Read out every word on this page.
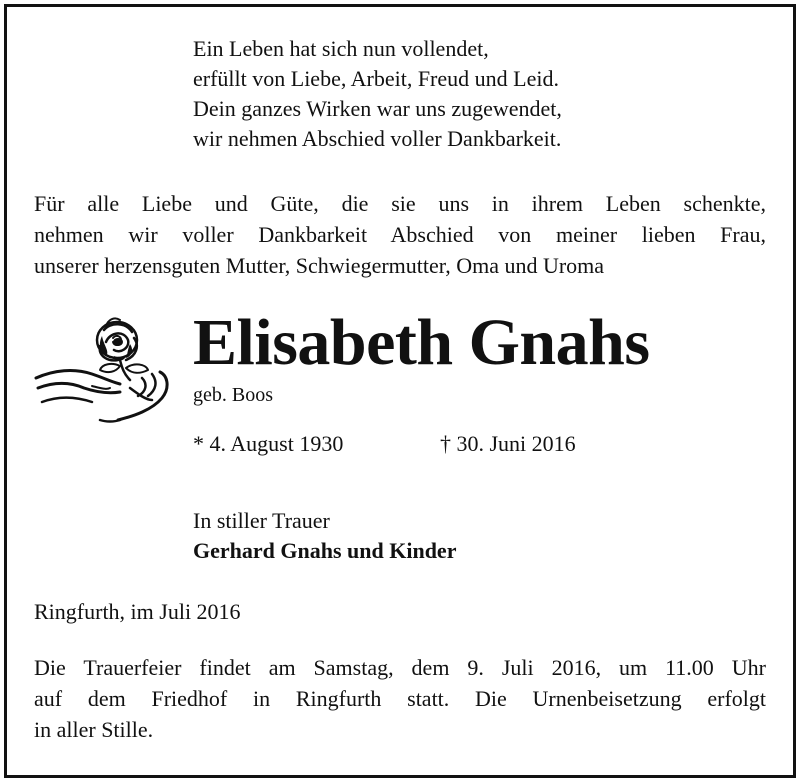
Ein Leben hat sich nun vollendet,
erfüllt von Liebe, Arbeit, Freud und Leid.
Dein ganzes Wirken war uns zugewendet,
wir nehmen Abschied voller Dankbarkeit.
Für alle Liebe und Güte, die sie uns in ihrem Leben schenkte,
nehmen wir voller Dankbarkeit Abschied von meiner lieben Frau,
unserer herzensguten Mutter, Schwiegermutter, Oma und Uroma
Elisabeth Gnahs
geb. Boos
* 4. August 1930	† 30. Juni 2016
In stiller Trauer
Gerhard Gnahs und Kinder
Ringfurth, im Juli 2016
Die Trauerfeier findet am Samstag, dem 9. Juli 2016, um 11.00 Uhr
auf dem Friedhof in Ringfurth statt. Die Urnenbeisetzung erfolgt
in aller Stille.
